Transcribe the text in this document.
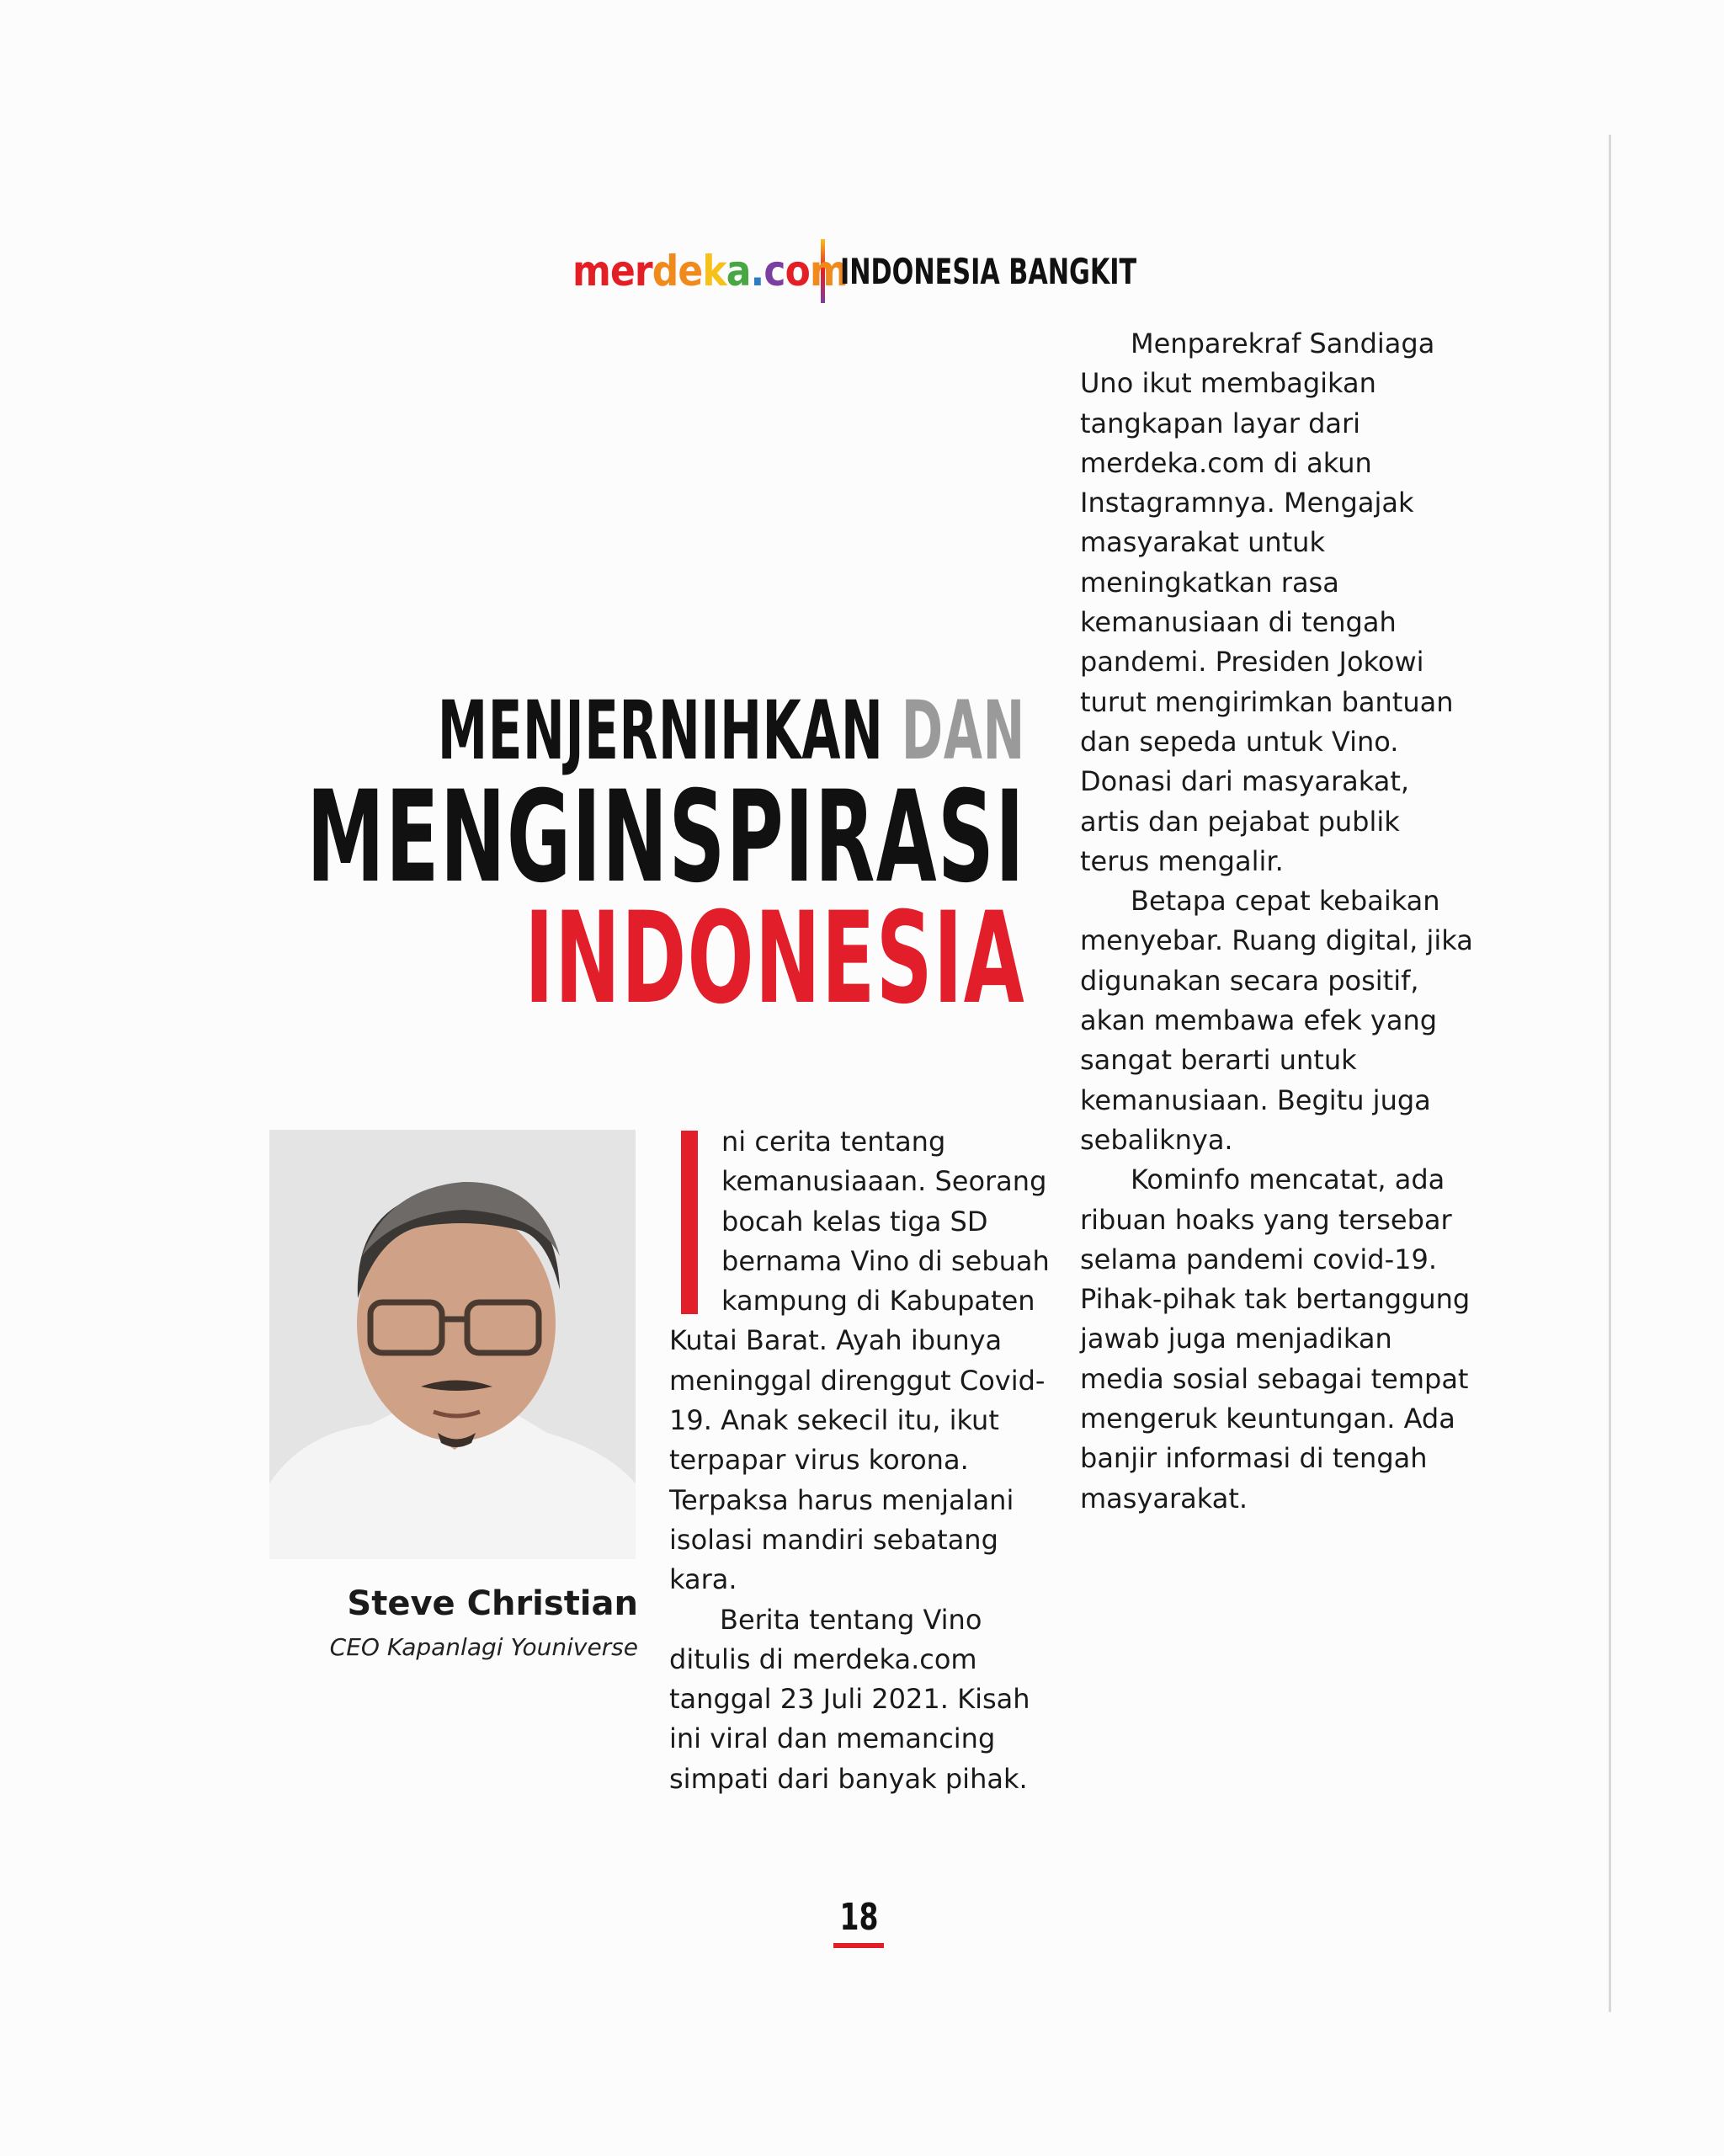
merdeka.com
INDONESIA BANGKIT
MENJERNIHKAN DAN
MENGINSPIRASI
INDONESIA
Steve Christian
CEO Kapanlagi Youniverse

ni cerita tentang kemanusiaaan. Seorang bocah kelas tiga SD bernama Vino di sebuah kampung di Kabupaten Kutai Barat. Ayah ibunya meninggal direnggut Covid-19. Anak sekecil itu, ikut terpapar virus korona. Terpaksa harus menjalani isolasi mandiri sebatang kara.

Berita tentang Vino ditulis di merdeka.com tanggal 23 Juli 2021. Kisah ini viral dan memancing simpati dari banyak pihak.

Menparekraf Sandiaga Uno ikut membagikan tangkapan layar dari merdeka.com di akun Instagramnya. Mengajak masyarakat untuk meningkatkan rasa kemanusiaan di tengah pandemi. Presiden Jokowi turut mengirimkan bantuan dan sepeda untuk Vino. Donasi dari masyarakat, artis dan pejabat publik terus mengalir.

Betapa cepat kebaikan menyebar. Ruang digital, jika digunakan secara positif, akan membawa efek yang sangat berarti untuk kemanusiaan. Begitu juga sebaliknya.

Kominfo mencatat, ada ribuan hoaks yang tersebar selama pandemi covid-19. Pihak-pihak tak bertanggung jawab juga menjadikan media sosial sebagai tempat mengeruk keuntungan. Ada banjir informasi di tengah masyarakat.

18
